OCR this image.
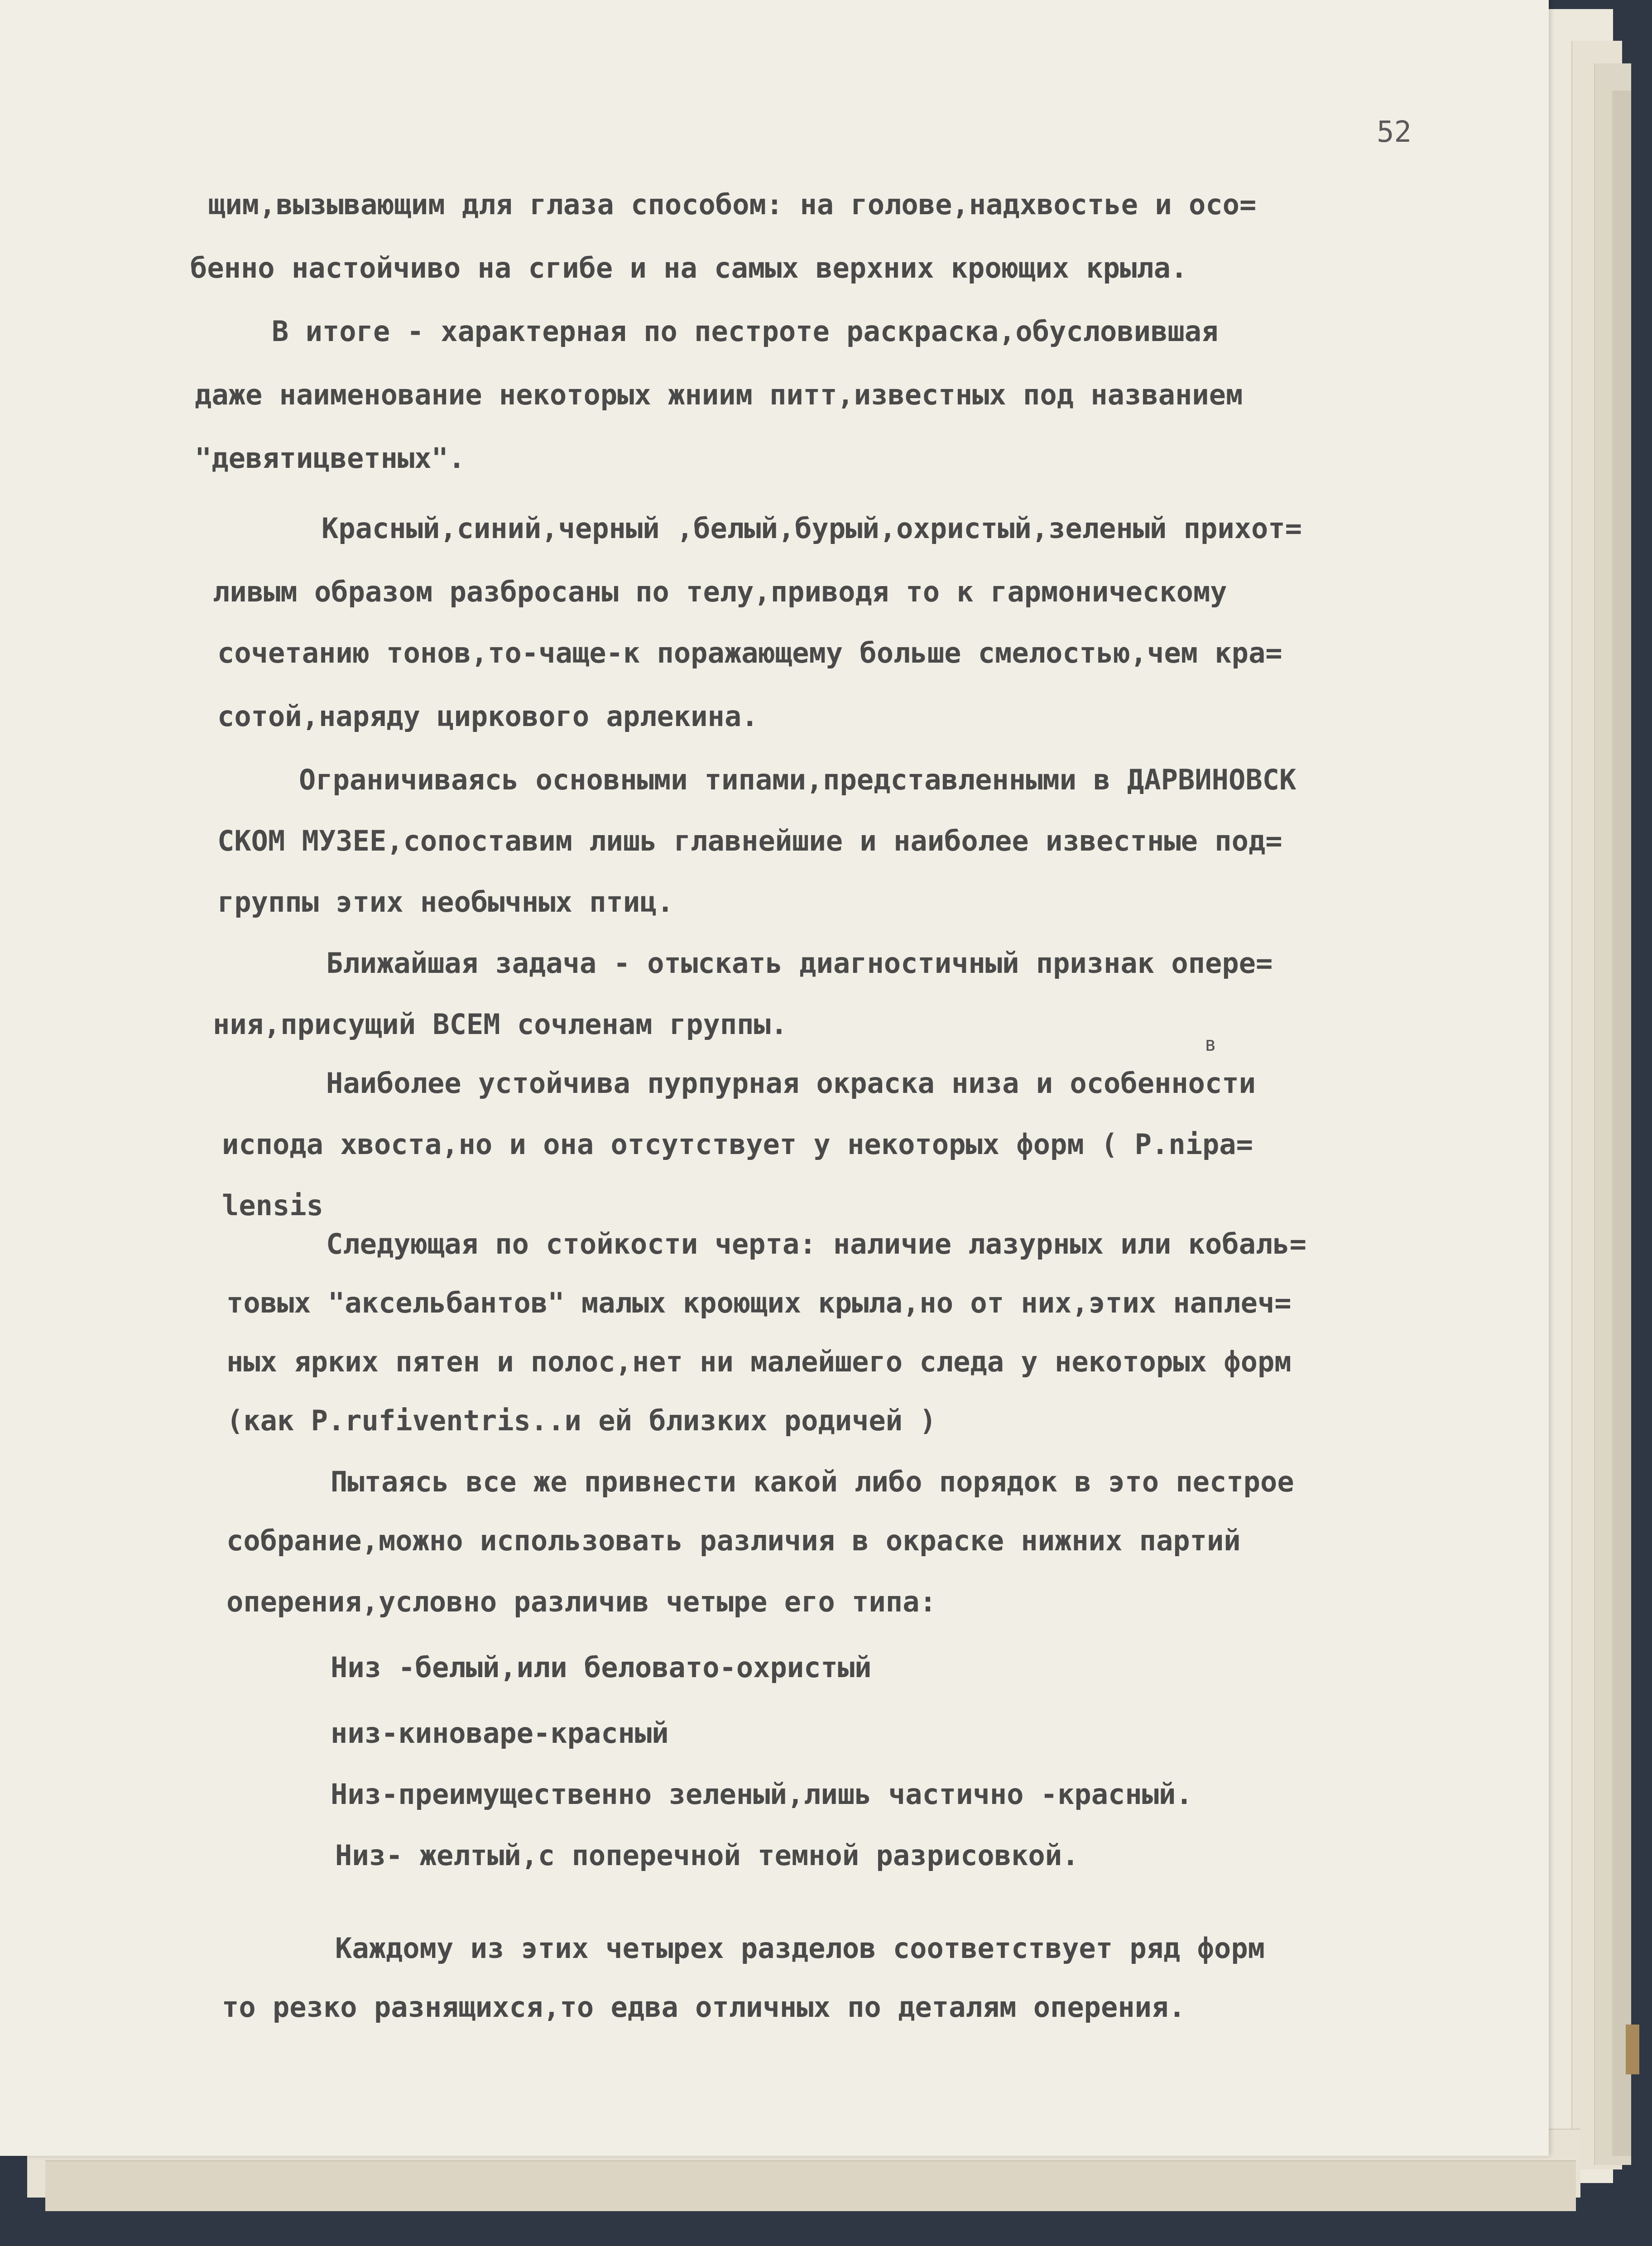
52
щим,вызывающим для глаза способом: на голове,надхвостье и осо=
бенно настойчиво на сгибе и на самых верхних кроющих крыла.
В итоге - характерная по пестроте раскраска,обусловившая
даже наименование некоторых жниим питт,известных под названием
"девятицветных".
Красный,синий,черный ,белый,бурый,охристый,зеленый прихот=
ливым образом разбросаны по телу,приводя то к гармоническому
сочетанию тонов,то-чаще-к поражающему больше смелостью,чем кра=
сотой,наряду циркового арлекина.
Ограничиваясь основными типами,представленными в ДАРВИНОВСК
СКОМ МУЗЕЕ,сопоставим лишь главнейшие и наиболее известные под=
группы этих необычных птиц.
Ближайшая задача - отыскать диагностичный признак опере=
ния,присущий ВСЕМ сочленам группы.
в
Наиболее устойчива пурпурная окраска низа и особенности
испода хвоста,но и она отсутствует у некоторых форм ( P.nipa=
lensis
Следующая по стойкости черта: наличие лазурных или кобаль=
товых "аксельбантов" малых кроющих крыла,но от них,этих наплеч=
ных ярких пятен и полос,нет ни малейшего следа у некоторых форм
(как P.rufiventris..и ей близких родичей )
Пытаясь все же привнести какой либо порядок в это пестрое
собрание,можно использовать различия в окраске нижних партий
оперения,условно различив четыре его типа:
Низ -белый,или беловато-охристый
низ-киноваре-красный
Низ-преимущественно зеленый,лишь частично -красный.
Низ- желтый,с поперечной темной разрисовкой.
Каждому из этих четырех разделов соответствует ряд форм
то резко разнящихся,то едва отличных по деталям оперения.
